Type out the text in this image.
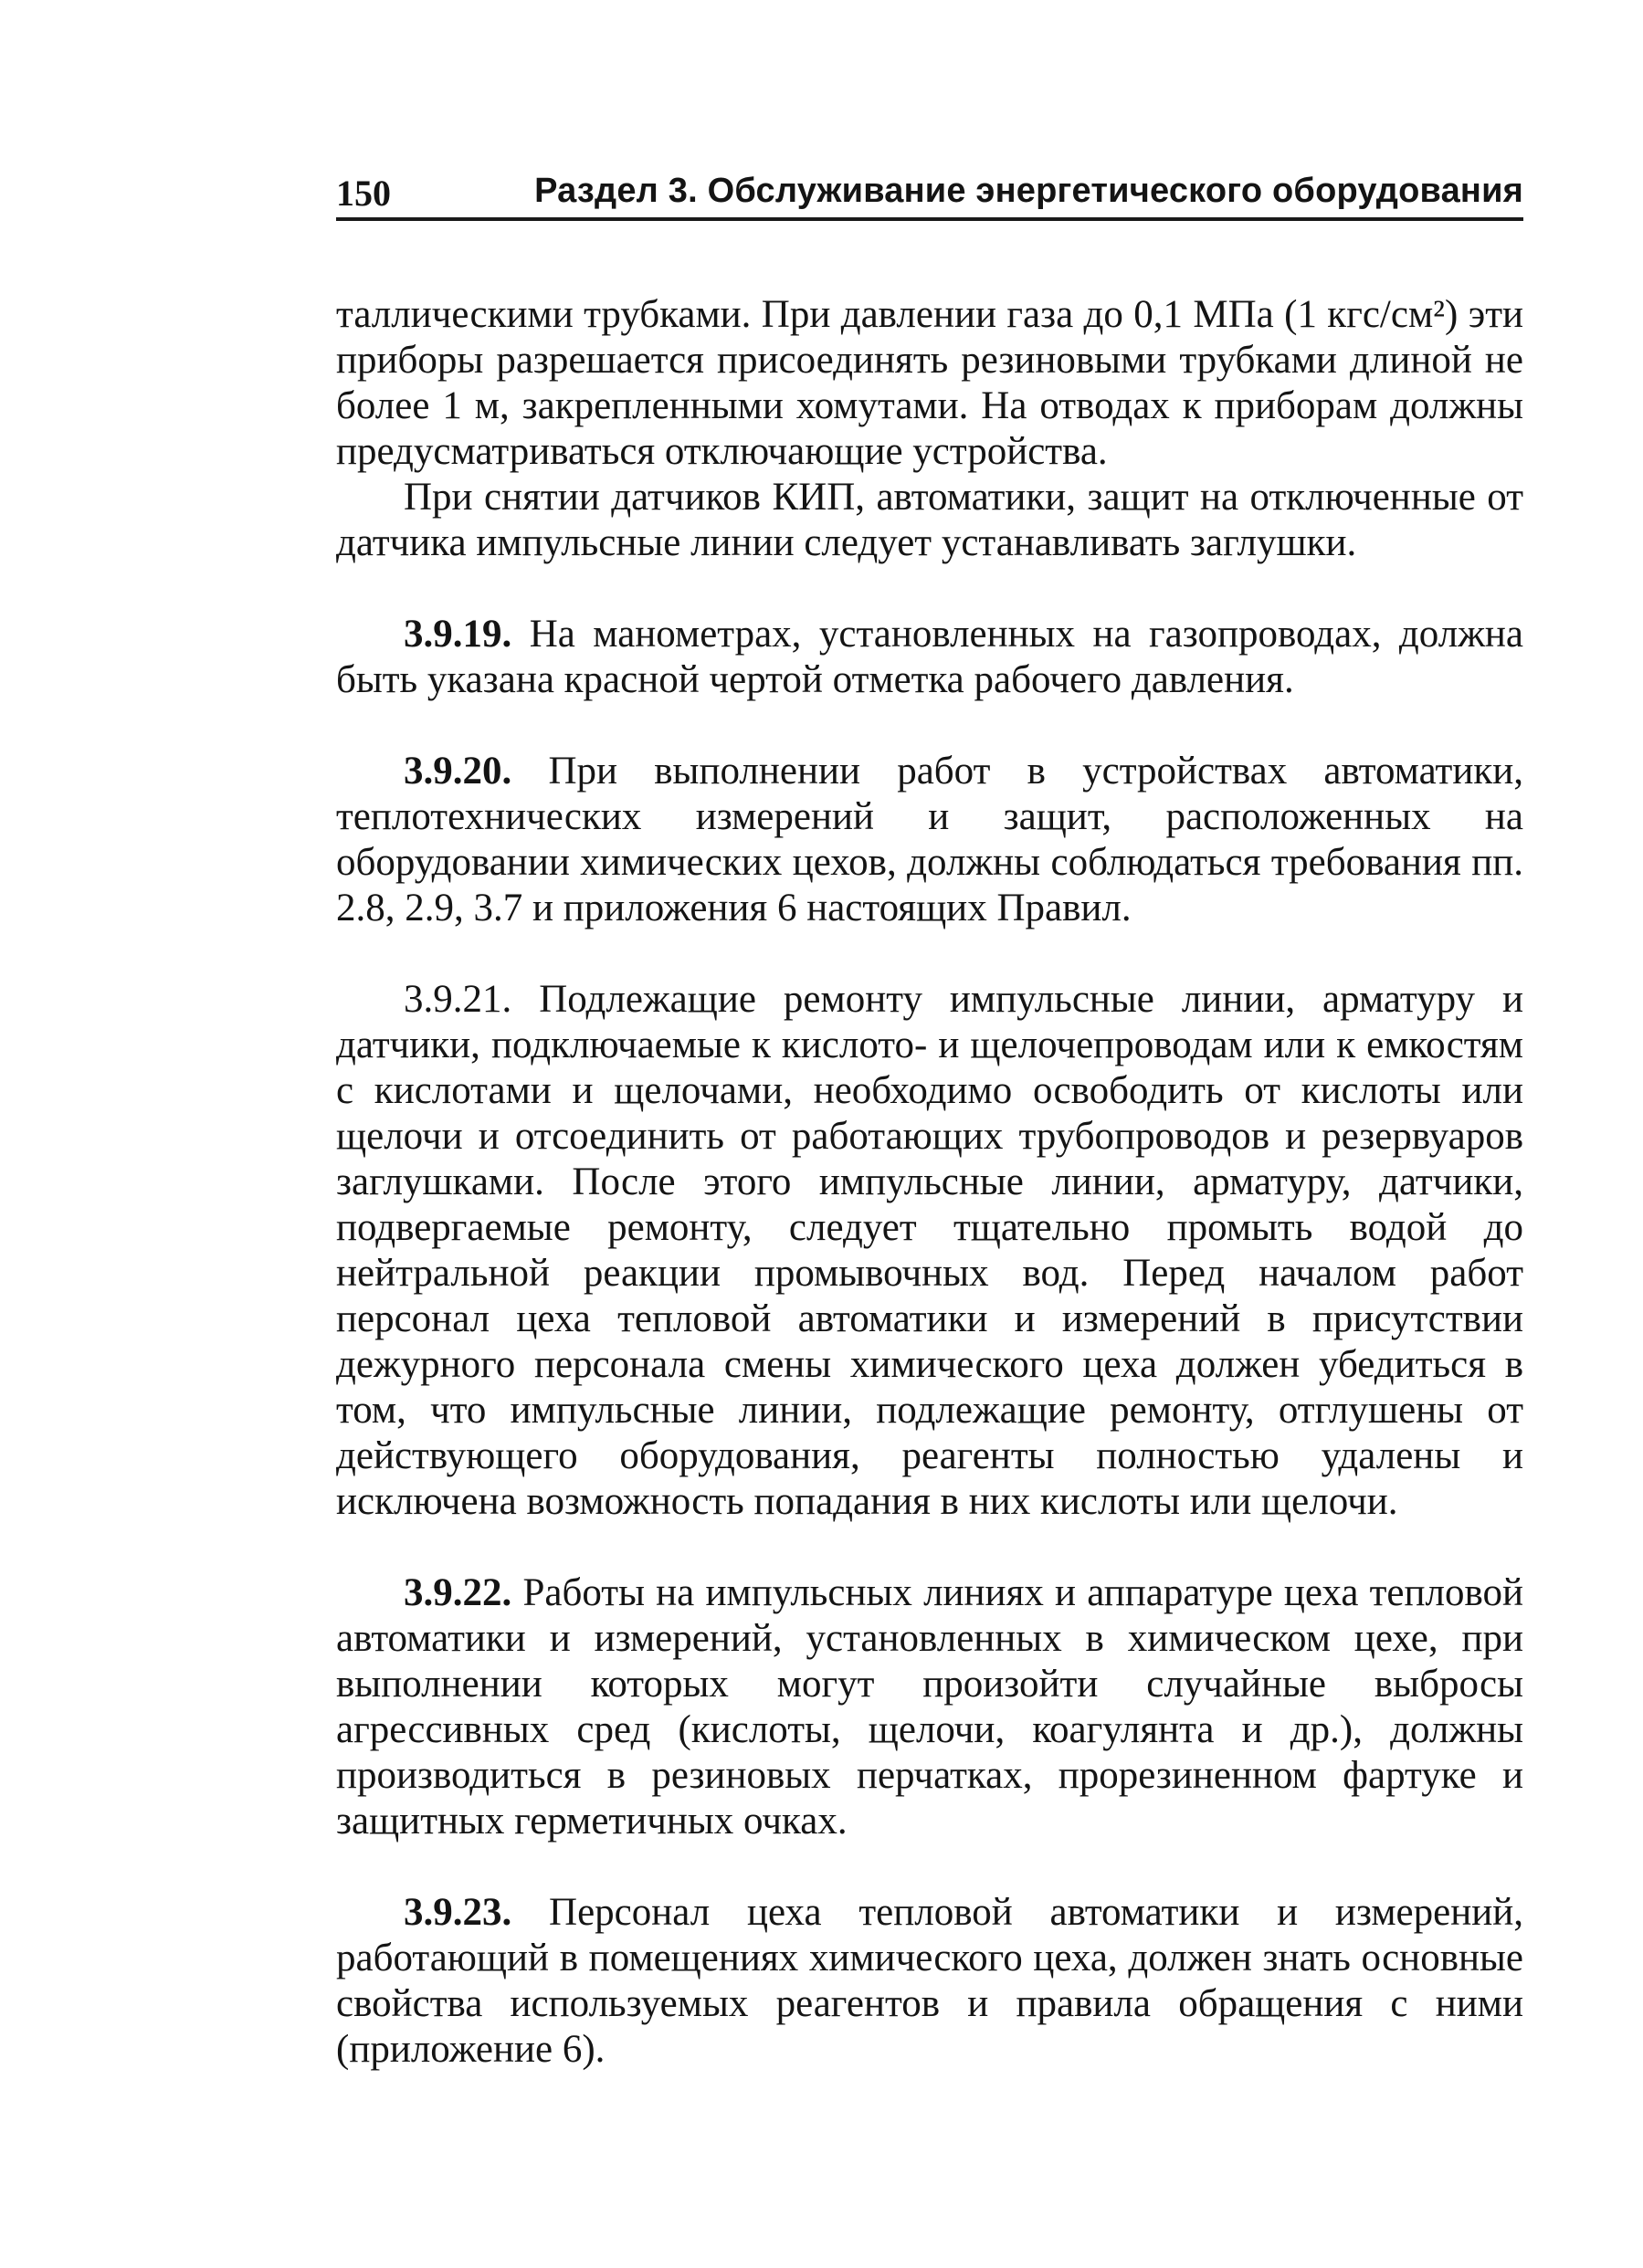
150	Раздел 3. Обслуживание энергетического оборудования

таллическими трубками. При давлении газа до 0,1 МПа (1 кгс/см²) эти приборы разрешается присоединять резиновыми трубками длиной не более 1 м, закрепленными хомутами. На отводах к приборам должны предусматриваться отключающие устройства.

При снятии датчиков КИП, автоматики, защит на отключенные от датчика импульсные линии следует устанавливать заглушки.

3.9.19. На манометрах, установленных на газопроводах, должна быть указана красной чертой отметка рабочего давления.

3.9.20. При выполнении работ в устройствах автоматики, теплотехнических измерений и защит, расположенных на оборудовании химических цехов, должны соблюдаться требования пп. 2.8, 2.9, 3.7 и приложения 6 настоящих Правил.

3.9.21. Подлежащие ремонту импульсные линии, арматуру и датчики, подключаемые к кислото- и щелочепроводам или к емкостям с кислотами и щелочами, необходимо освободить от кислоты или щелочи и отсоединить от работающих трубопроводов и резервуаров заглушками. После этого импульсные линии, арматуру, датчики, подвергаемые ремонту, следует тщательно промыть водой до нейтральной реакции промывочных вод. Перед началом работ персонал цеха тепловой автоматики и измерений в присутствии дежурного персонала смены химического цеха должен убедиться в том, что импульсные линии, подлежащие ремонту, отглушены от действующего оборудования, реагенты полностью удалены и исключена возможность попадания в них кислоты или щелочи.

3.9.22. Работы на импульсных линиях и аппаратуре цеха тепловой автоматики и измерений, установленных в химическом цехе, при выполнении которых могут произойти случайные выбросы агрессивных сред (кислоты, щелочи, коагулянта и др.), должны производиться в резиновых перчатках, прорезиненном фартуке и защитных герметичных очках.

3.9.23. Персонал цеха тепловой автоматики и измерений, работающий в помещениях химического цеха, должен знать основные свойства используемых реагентов и правила обращения с ними (приложение 6).
